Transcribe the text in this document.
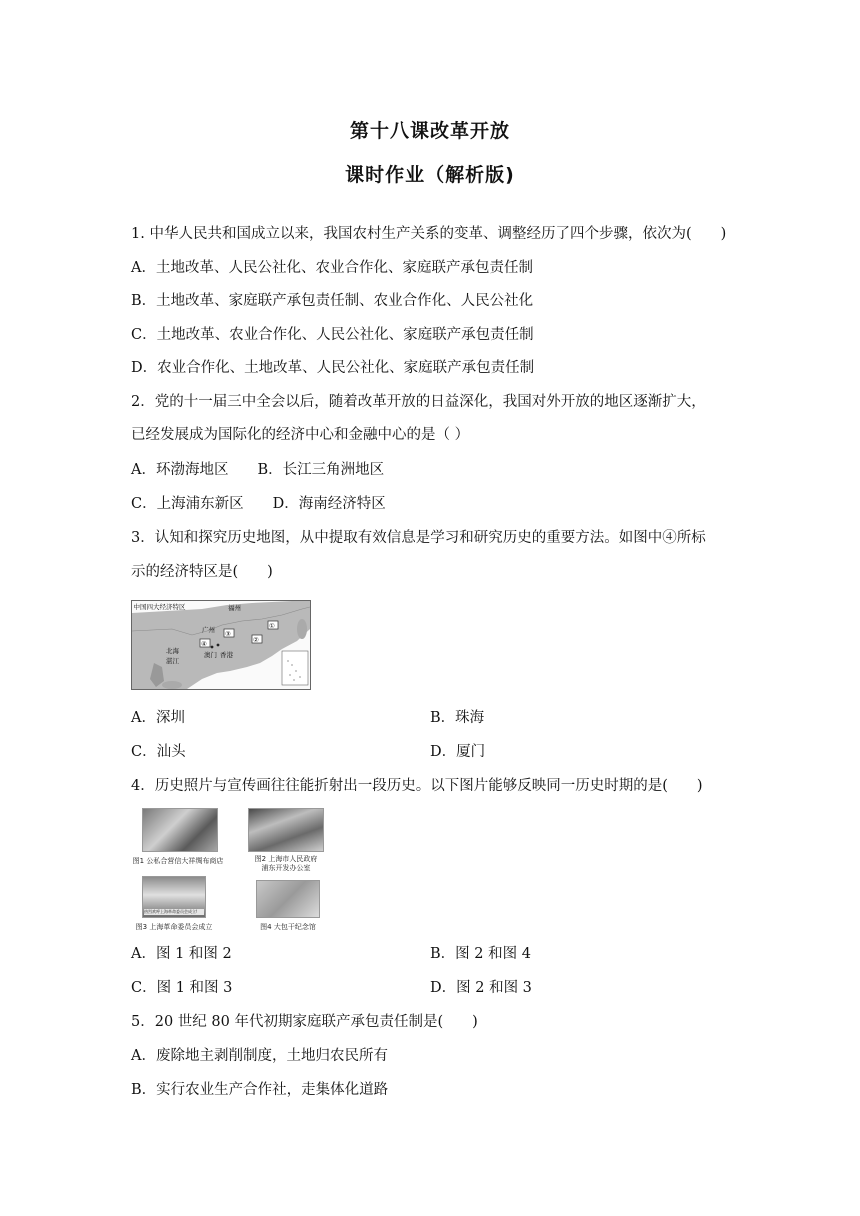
第十八课改革开放
课时作业（解析版)
1. 中华人民共和国成立以来，我国农村生产关系的变革、调整经历了四个步骤，依次为(　　)
A．土地改革、人民公社化、农业合作化、家庭联产承包责任制
B．土地改革、家庭联产承包责任制、农业合作化、人民公社化
C．土地改革、农业合作化、人民公社化、家庭联产承包责任制
D．农业合作化、土地改革、人民公社化、家庭联产承包责任制
2．党的十一届三中全会以后，随着改革开放的日益深化，我国对外开放的地区逐渐扩大，
已经发展成为国际化的经济中心和金融中心的是（ ）
A．环渤海地区　　B．长江三角洲地区
C．上海浦东新区　　D．海南经济特区
3．认知和探究历史地图，从中提取有效信息是学习和研究历史的重要方法。如图中④所标
示的经济特区是(　　)
中国四大经济特区	福州
广州
北海
湛江
澳门 香港
①
②
③
④
A．深圳	B．珠海
C．汕头	D．厦门
4．历史照片与宣传画往往能折射出一段历史。以下图片能够反映同一历史时期的是(　　)
图1 公私合营信大祥绸布商店	图2 上海市人民政府
浦东开发办公室
热烈欢呼上海革命委员会成立!
图3 上海革命委员会成立	图4 大包干纪念馆
A．图 1 和图 2	B．图 2 和图 4
C．图 1 和图 3	D．图 2 和图 3
5．20 世纪 80 年代初期家庭联产承包责任制是(　　)
A．废除地主剥削制度，土地归农民所有
B．实行农业生产合作社，走集体化道路
